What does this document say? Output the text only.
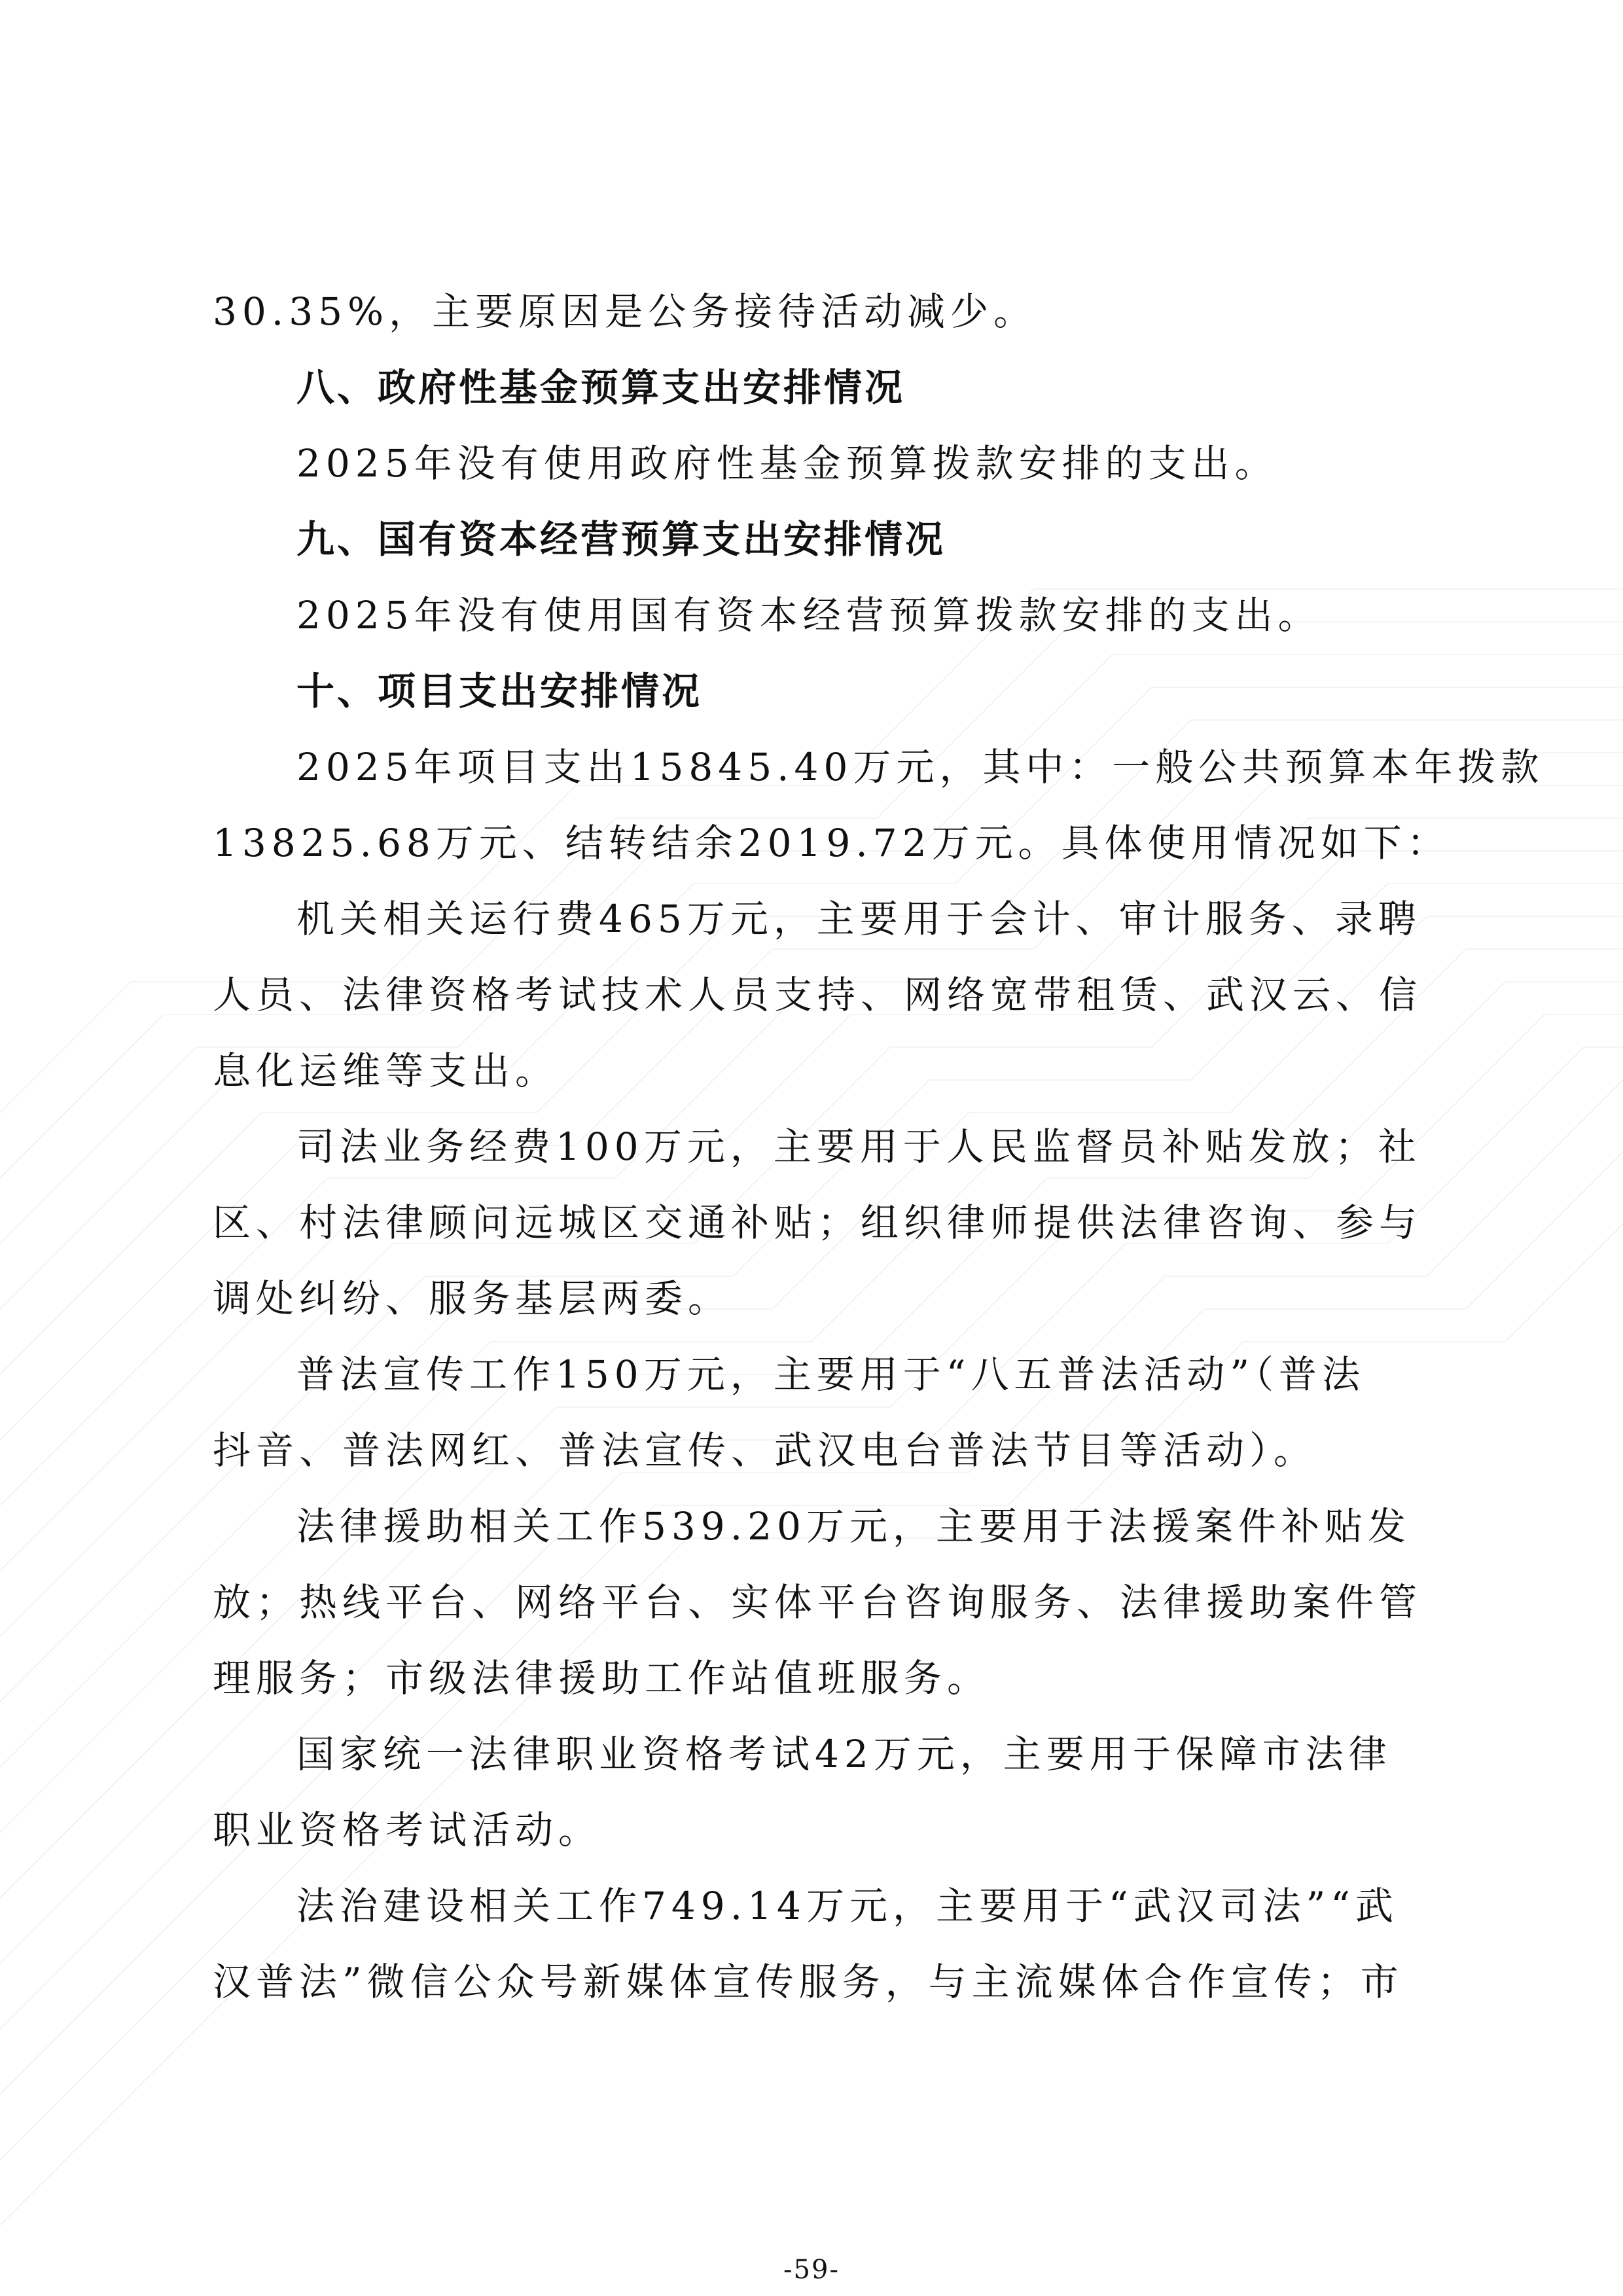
30.35%，主要原因是公务接待活动减少。
八、政府性基金预算支出安排情况
2025年没有使用政府性基金预算拨款安排的支出。
九、国有资本经营预算支出安排情况
2025年没有使用国有资本经营预算拨款安排的支出。
十、项目支出安排情况
2025年项目支出15845.40万元，其中：一般公共预算本年拨款
13825.68万元、结转结余2019.72万元。具体使用情况如下：
机关相关运行费465万元，主要用于会计、审计服务、录聘
人员、法律资格考试技术人员支持、网络宽带租赁、武汉云、信
息化运维等支出。
司法业务经费100万元，主要用于人民监督员补贴发放；社
区、村法律顾问远城区交通补贴；组织律师提供法律咨询、参与
调处纠纷、服务基层两委。
普法宣传工作150万元，主要用于“八五普法活动”（普法
抖音、普法网红、普法宣传、武汉电台普法节目等活动）。
法律援助相关工作539.20万元，主要用于法援案件补贴发
放；热线平台、网络平台、实体平台咨询服务、法律援助案件管
理服务；市级法律援助工作站值班服务。
国家统一法律职业资格考试42万元，主要用于保障市法律
职业资格考试活动。
法治建设相关工作749.14万元，主要用于“武汉司法”“武
汉普法”微信公众号新媒体宣传服务，与主流媒体合作宣传；市
-59-
